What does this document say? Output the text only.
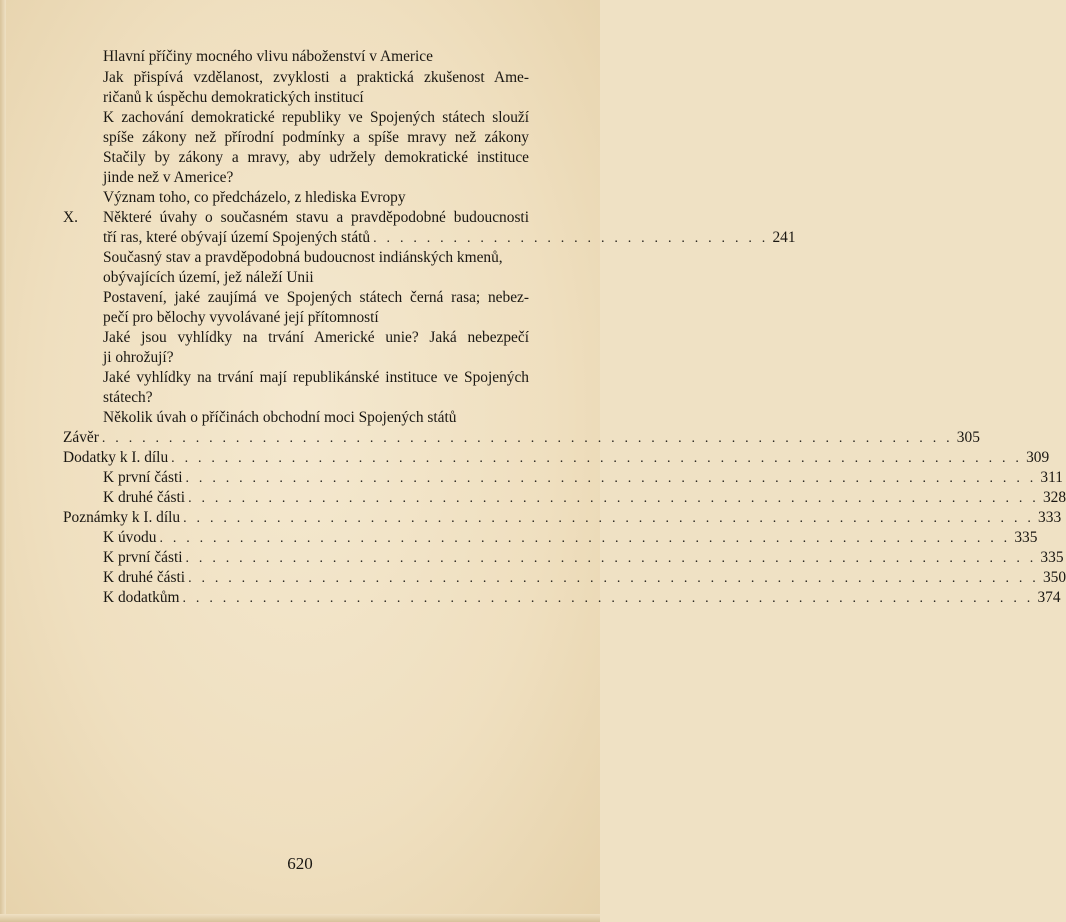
Hlavní příčiny mocného vlivu náboženství v Americe
Jak přispívá vzdělanost, zvyklosti a praktická zkušenost Ame-
ričanů k úspěchu demokratických institucí
K zachování demokratické republiky ve Spojených státech slouží
spíše zákony než přírodní podmínky a spíše mravy než zákony
Stačily by zákony a mravy, aby udržely demokratické instituce
jinde než v Americe?
Význam toho, co předcházelo, z hlediska Evropy
X. Některé úvahy o současném stavu a pravděpodobné budoucnosti
tří ras, které obývají území Spojených států . . . . . . . . . . . . . . . . . . . . . . . . . . . . . . 241
Současný stav a pravděpodobná budoucnost indiánských kmenů,
obývajících území, jež náleží Unii
Postavení, jaké zaujímá ve Spojených státech černá rasa; nebez-
pečí pro bělochy vyvolávané její přítomností
Jaké jsou vyhlídky na trvání Americké unie? Jaká nebezpečí
ji ohrožují?
Jaké vyhlídky na trvání mají republikánské instituce ve Spojených
státech?
Několik úvah o příčinách obchodní moci Spojených států
Závěr . . . . . . . . . . . . . . . . . . . . . . . . . . . . . . . . . . . . . . . . . . . . . . . . . . . . . . . . . . . . . . . . 305
Dodatky k I. dílu . . . . . . . . . . . . . . . . . . . . . . . . . . . . . . . . . . . . . . . . . . . . . . . . . . . . . . . . . . . . . . . . 309
K první části . . . . . . . . . . . . . . . . . . . . . . . . . . . . . . . . . . . . . . . . . . . . . . . . . . . . . . . . . . . . . . . . 311
K druhé části . . . . . . . . . . . . . . . . . . . . . . . . . . . . . . . . . . . . . . . . . . . . . . . . . . . . . . . . . . . . . . . . 328
Poznámky k I. dílu . . . . . . . . . . . . . . . . . . . . . . . . . . . . . . . . . . . . . . . . . . . . . . . . . . . . . . . . . . . . . . . . 333
K úvodu . . . . . . . . . . . . . . . . . . . . . . . . . . . . . . . . . . . . . . . . . . . . . . . . . . . . . . . . . . . . . . . . 335
K první části . . . . . . . . . . . . . . . . . . . . . . . . . . . . . . . . . . . . . . . . . . . . . . . . . . . . . . . . . . . . . . . . 335
K druhé části . . . . . . . . . . . . . . . . . . . . . . . . . . . . . . . . . . . . . . . . . . . . . . . . . . . . . . . . . . . . . . . . 350
K dodatkům . . . . . . . . . . . . . . . . . . . . . . . . . . . . . . . . . . . . . . . . . . . . . . . . . . . . . . . . . . . . . . . . 374
620
